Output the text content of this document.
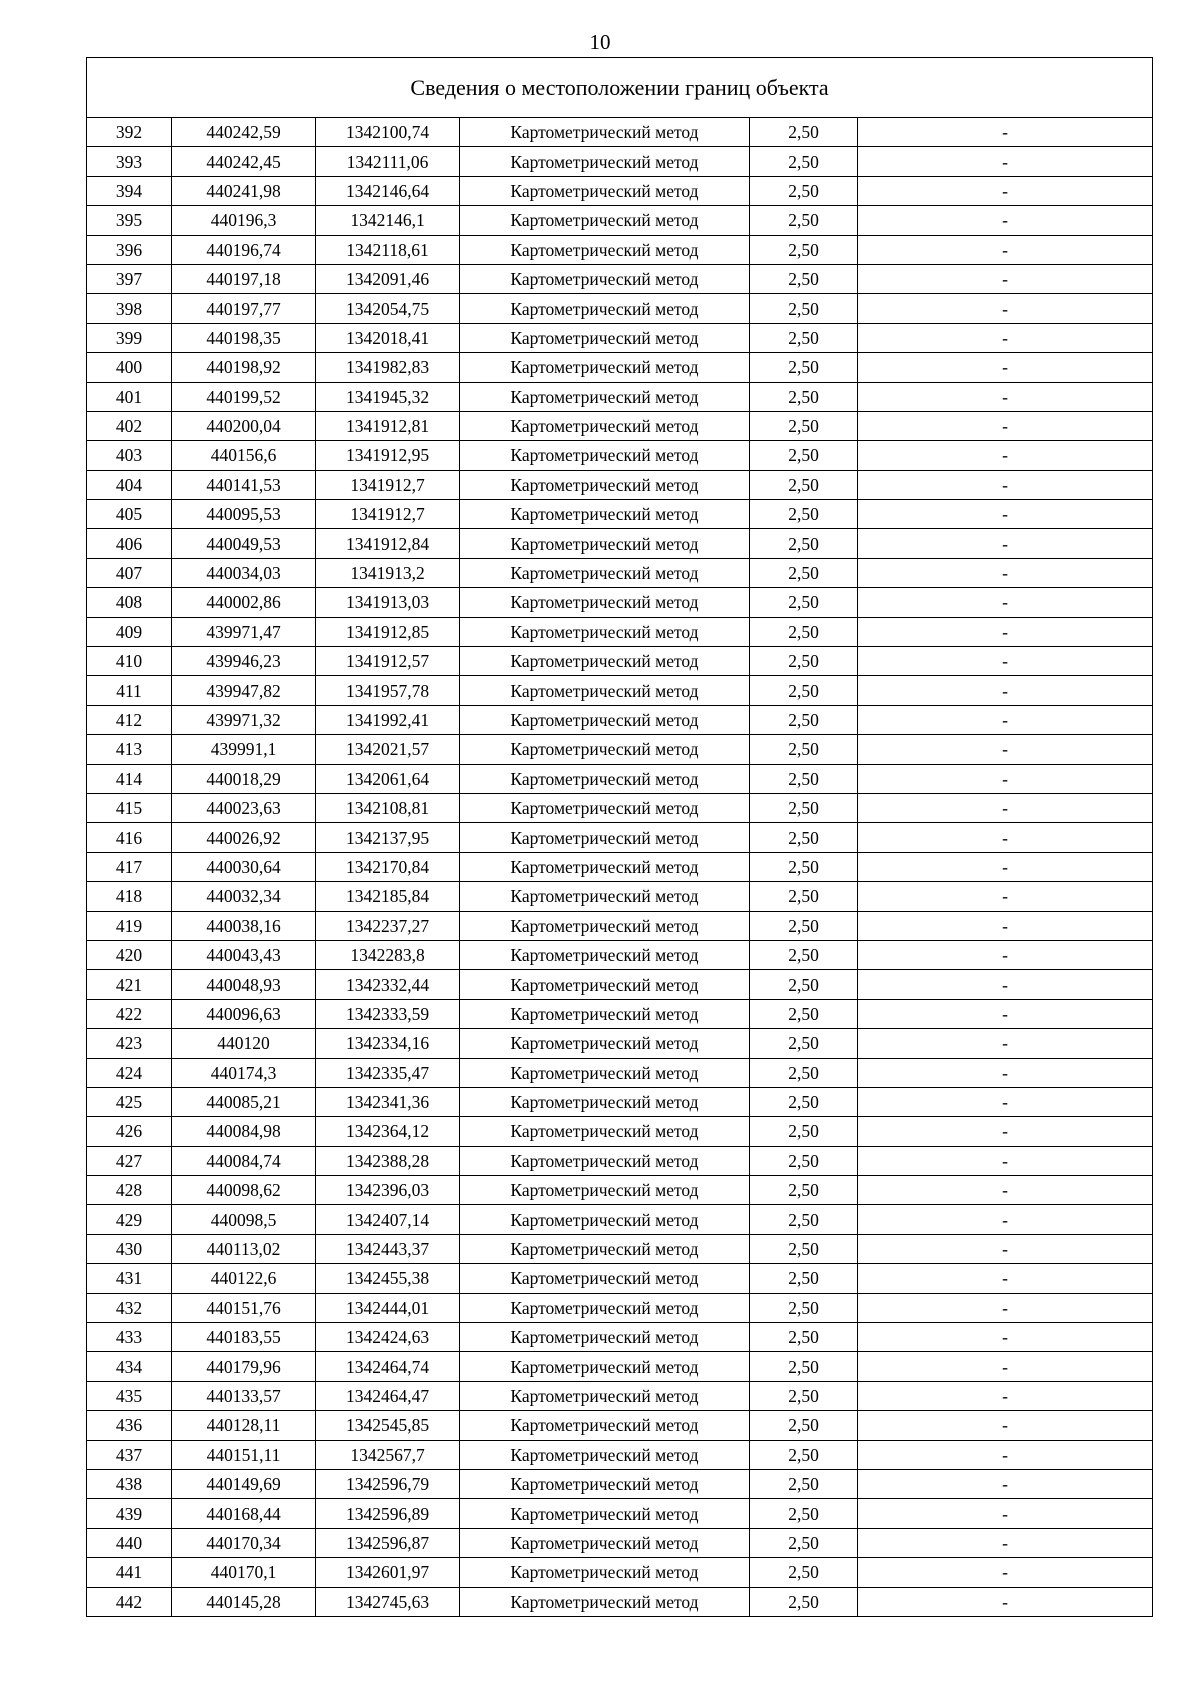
10
Сведения о местоположении границ объекта					
392	440242,59	1342100,74	Картометрический метод	2,50	-
393	440242,45	1342111,06	Картометрический метод	2,50	-
394	440241,98	1342146,64	Картометрический метод	2,50	-
395	440196,3	1342146,1	Картометрический метод	2,50	-
396	440196,74	1342118,61	Картометрический метод	2,50	-
397	440197,18	1342091,46	Картометрический метод	2,50	-
398	440197,77	1342054,75	Картометрический метод	2,50	-
399	440198,35	1342018,41	Картометрический метод	2,50	-
400	440198,92	1341982,83	Картометрический метод	2,50	-
401	440199,52	1341945,32	Картометрический метод	2,50	-
402	440200,04	1341912,81	Картометрический метод	2,50	-
403	440156,6	1341912,95	Картометрический метод	2,50	-
404	440141,53	1341912,7	Картометрический метод	2,50	-
405	440095,53	1341912,7	Картометрический метод	2,50	-
406	440049,53	1341912,84	Картометрический метод	2,50	-
407	440034,03	1341913,2	Картометрический метод	2,50	-
408	440002,86	1341913,03	Картометрический метод	2,50	-
409	439971,47	1341912,85	Картометрический метод	2,50	-
410	439946,23	1341912,57	Картометрический метод	2,50	-
411	439947,82	1341957,78	Картометрический метод	2,50	-
412	439971,32	1341992,41	Картометрический метод	2,50	-
413	439991,1	1342021,57	Картометрический метод	2,50	-
414	440018,29	1342061,64	Картометрический метод	2,50	-
415	440023,63	1342108,81	Картометрический метод	2,50	-
416	440026,92	1342137,95	Картометрический метод	2,50	-
417	440030,64	1342170,84	Картометрический метод	2,50	-
418	440032,34	1342185,84	Картометрический метод	2,50	-
419	440038,16	1342237,27	Картометрический метод	2,50	-
420	440043,43	1342283,8	Картометрический метод	2,50	-
421	440048,93	1342332,44	Картометрический метод	2,50	-
422	440096,63	1342333,59	Картометрический метод	2,50	-
423	440120	1342334,16	Картометрический метод	2,50	-
424	440174,3	1342335,47	Картометрический метод	2,50	-
425	440085,21	1342341,36	Картометрический метод	2,50	-
426	440084,98	1342364,12	Картометрический метод	2,50	-
427	440084,74	1342388,28	Картометрический метод	2,50	-
428	440098,62	1342396,03	Картометрический метод	2,50	-
429	440098,5	1342407,14	Картометрический метод	2,50	-
430	440113,02	1342443,37	Картометрический метод	2,50	-
431	440122,6	1342455,38	Картометрический метод	2,50	-
432	440151,76	1342444,01	Картометрический метод	2,50	-
433	440183,55	1342424,63	Картометрический метод	2,50	-
434	440179,96	1342464,74	Картометрический метод	2,50	-
435	440133,57	1342464,47	Картометрический метод	2,50	-
436	440128,11	1342545,85	Картометрический метод	2,50	-
437	440151,11	1342567,7	Картометрический метод	2,50	-
438	440149,69	1342596,79	Картометрический метод	2,50	-
439	440168,44	1342596,89	Картометрический метод	2,50	-
440	440170,34	1342596,87	Картометрический метод	2,50	-
441	440170,1	1342601,97	Картометрический метод	2,50	-
442	440145,28	1342745,63	Картометрический метод	2,50	-
